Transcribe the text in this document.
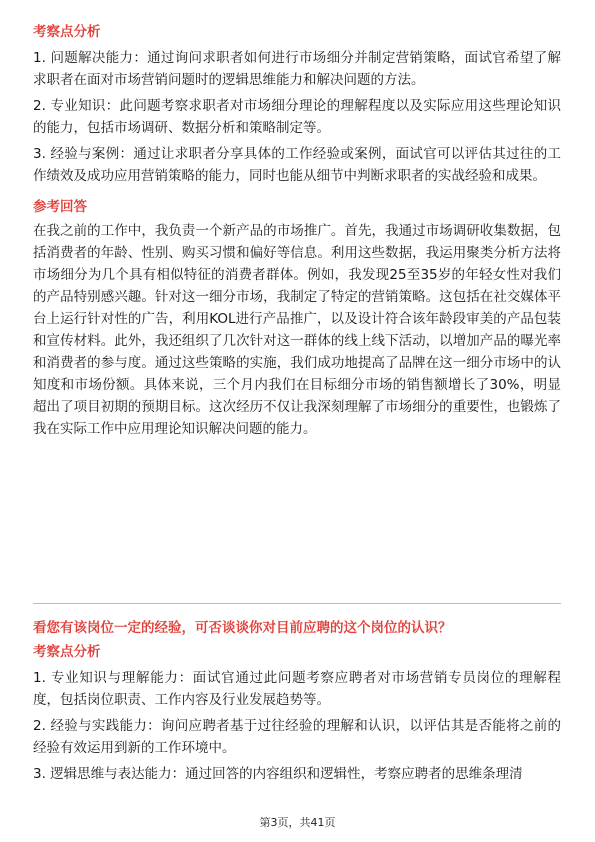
考察点分析

1. 问题解决能力：通过询问求职者如何进行市场细分并制定营销策略，面试官希望了解求职者在面对市场营销问题时的逻辑思维能力和解决问题的方法。

2. 专业知识：此问题考察求职者对市场细分理论的理解程度以及实际应用这些理论知识的能力，包括市场调研、数据分析和策略制定等。

3. 经验与案例：通过让求职者分享具体的工作经验或案例，面试官可以评估其过往的工作绩效及成功应用营销策略的能力，同时也能从细节中判断求职者的实战经验和成果。

参考回答

在我之前的工作中，我负责一个新产品的市场推广。首先，我通过市场调研收集数据，包括消费者的年龄、性别、购买习惯和偏好等信息。利用这些数据，我运用聚类分析方法将市场细分为几个具有相似特征的消费者群体。例如，我发现25至35岁的年轻女性对我们的产品特别感兴趣。针对这一细分市场，我制定了特定的营销策略。这包括在社交媒体平台上运行针对性的广告，利用KOL进行产品推广，以及设计符合该年龄段审美的产品包装和宣传材料。此外，我还组织了几次针对这一群体的线上线下活动，以增加产品的曝光率和消费者的参与度。通过这些策略的实施，我们成功地提高了品牌在这一细分市场中的认知度和市场份额。具体来说，三个月内我们在目标细分市场的销售额增长了30%，明显超出了项目初期的预期目标。这次经历不仅让我深刻理解了市场细分的重要性，也锻炼了我在实际工作中应用理论知识解决问题的能力。

看您有该岗位一定的经验，可否谈谈你对目前应聘的这个岗位的认识？

考察点分析

1. 专业知识与理解能力：面试官通过此问题考察应聘者对市场营销专员岗位的理解程度，包括岗位职责、工作内容及行业发展趋势等。

2. 经验与实践能力：询问应聘者基于过往经验的理解和认识，以评估其是否能将之前的经验有效运用到新的工作环境中。

3. 逻辑思维与表达能力：通过回答的内容组织和逻辑性，考察应聘者的思维条理清

第3页，共41页
